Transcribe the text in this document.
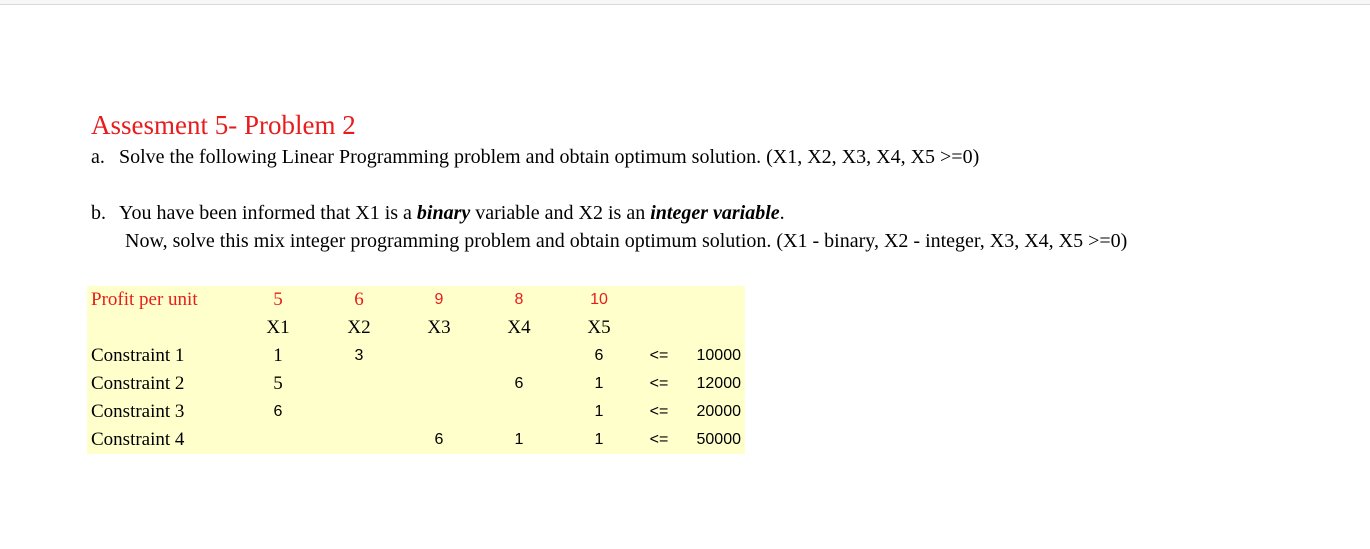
Assesment 5- Problem 2
a. Solve the following Linear Programming problem and obtain optimum solution. (X1, X2, X3, X4, X5 >=0)
b. You have been informed that X1 is a binary variable and X2 is an integer variable.
Now, solve this mix integer programming problem and obtain optimum solution. (X1 - binary, X2 - integer, X3, X4, X5 >=0)
Profit per unit	5	6	9	8	10		
	X1	X2	X3	X4	X5		
Constraint 1	1	3			6	<=	10000
Constraint 2	5			6	1	<=	12000
Constraint 3	6				1	<=	20000
Constraint 4			6	1	1	<=	50000
